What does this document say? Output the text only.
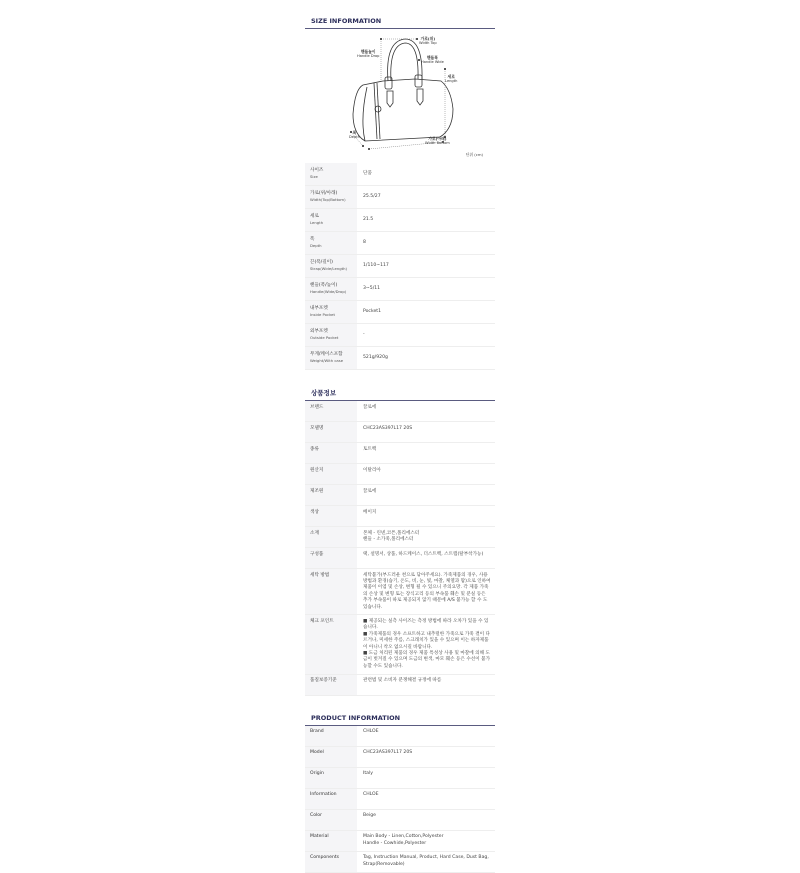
SIZE INFORMATION
가로(위)
Width Top
핸들높이
Handle Drop	핸들폭
Handle Wide
세로
Length
폭
Depth	가로(아래)
Width Bottom
단위 (cm)
사이즈
Size	단품
가로(위/아래)
Width(Top/Bottom)	25.5/27
세로
Length	21.5
폭
Depth	8
끈(폭/길이)
Strap(Wide/Length)	1/110~117
핸들(폭/높이)
Handle(Wide/Drop)	3~5/11
내부포켓
Inside Pocket	Pocket1
외부포켓
Outside Pocket	-
무게/케이스포함
Weight/With case	521g/920g
상품정보
브랜드	끌로에
모델명	CHC23AS397L17 20S
종류	토트백
원산지	이탈리아
제조원	끌로에
색상	베이지
소재	본체 - 린넨,코튼,폴리에스터
핸들 - 소가죽,폴리에스터

구성품	택, 설명서, 상품, 하드케이스, 더스트백, 스트랩(탈부착가능)
세탁 방법	세탁불가(부드러운 천으로 닦아주세요). 가죽제품의 경우, 사용방법과 환경(습기, 온도, 비, 눈, 빛, 마찰, 체열과 땀)으로 인하여 제품이 이염 및 손상, 변형 될 수 있으니 주의요망. 각 제품 가죽의 손상 및 변형 또는 장식고리 등의 부속품 훼손 및 분실 등은 추가 부속품이 따로 제공되지 않기 때문에 A/S 불가능 할 수 도있습니다.
체크 포인트	■ 제공되는 실측 사이즈는 측정 방법에 따라 오차가 있을 수 있습니다.
■ 가죽제품의 경우 소프트하고 내추럴한 가죽으로 가죽 결이 다르거나, 미세한 주름, 스크래치가 있을 수 있으며 이는 하자제품이 아니니 착오 없으시길 바랍니다.
■ 도금 처리된 제품의 경우 제품 특성상 사용 및 마찰에 의해 도금이 벗겨질 수 있으며 도금의 변색, 마모 훼손 등은 수선이 불가능할 수도 있습니다.

품질보증기준	관련법 및 소비자 분쟁해결 규정에 따름
PRODUCT INFORMATION
Brand	CHLOE
Model	CHC23AS397L17 20S
Origin	Italy
Information	CHLOE
Color	Beige
Material	Main Body - Linen,Cotton,Polyester
Handle - Cowhide,Polyester

Components	Tag, Instruction Manual, Product, Hard Case, Dust Bag, Strap(Removable)
